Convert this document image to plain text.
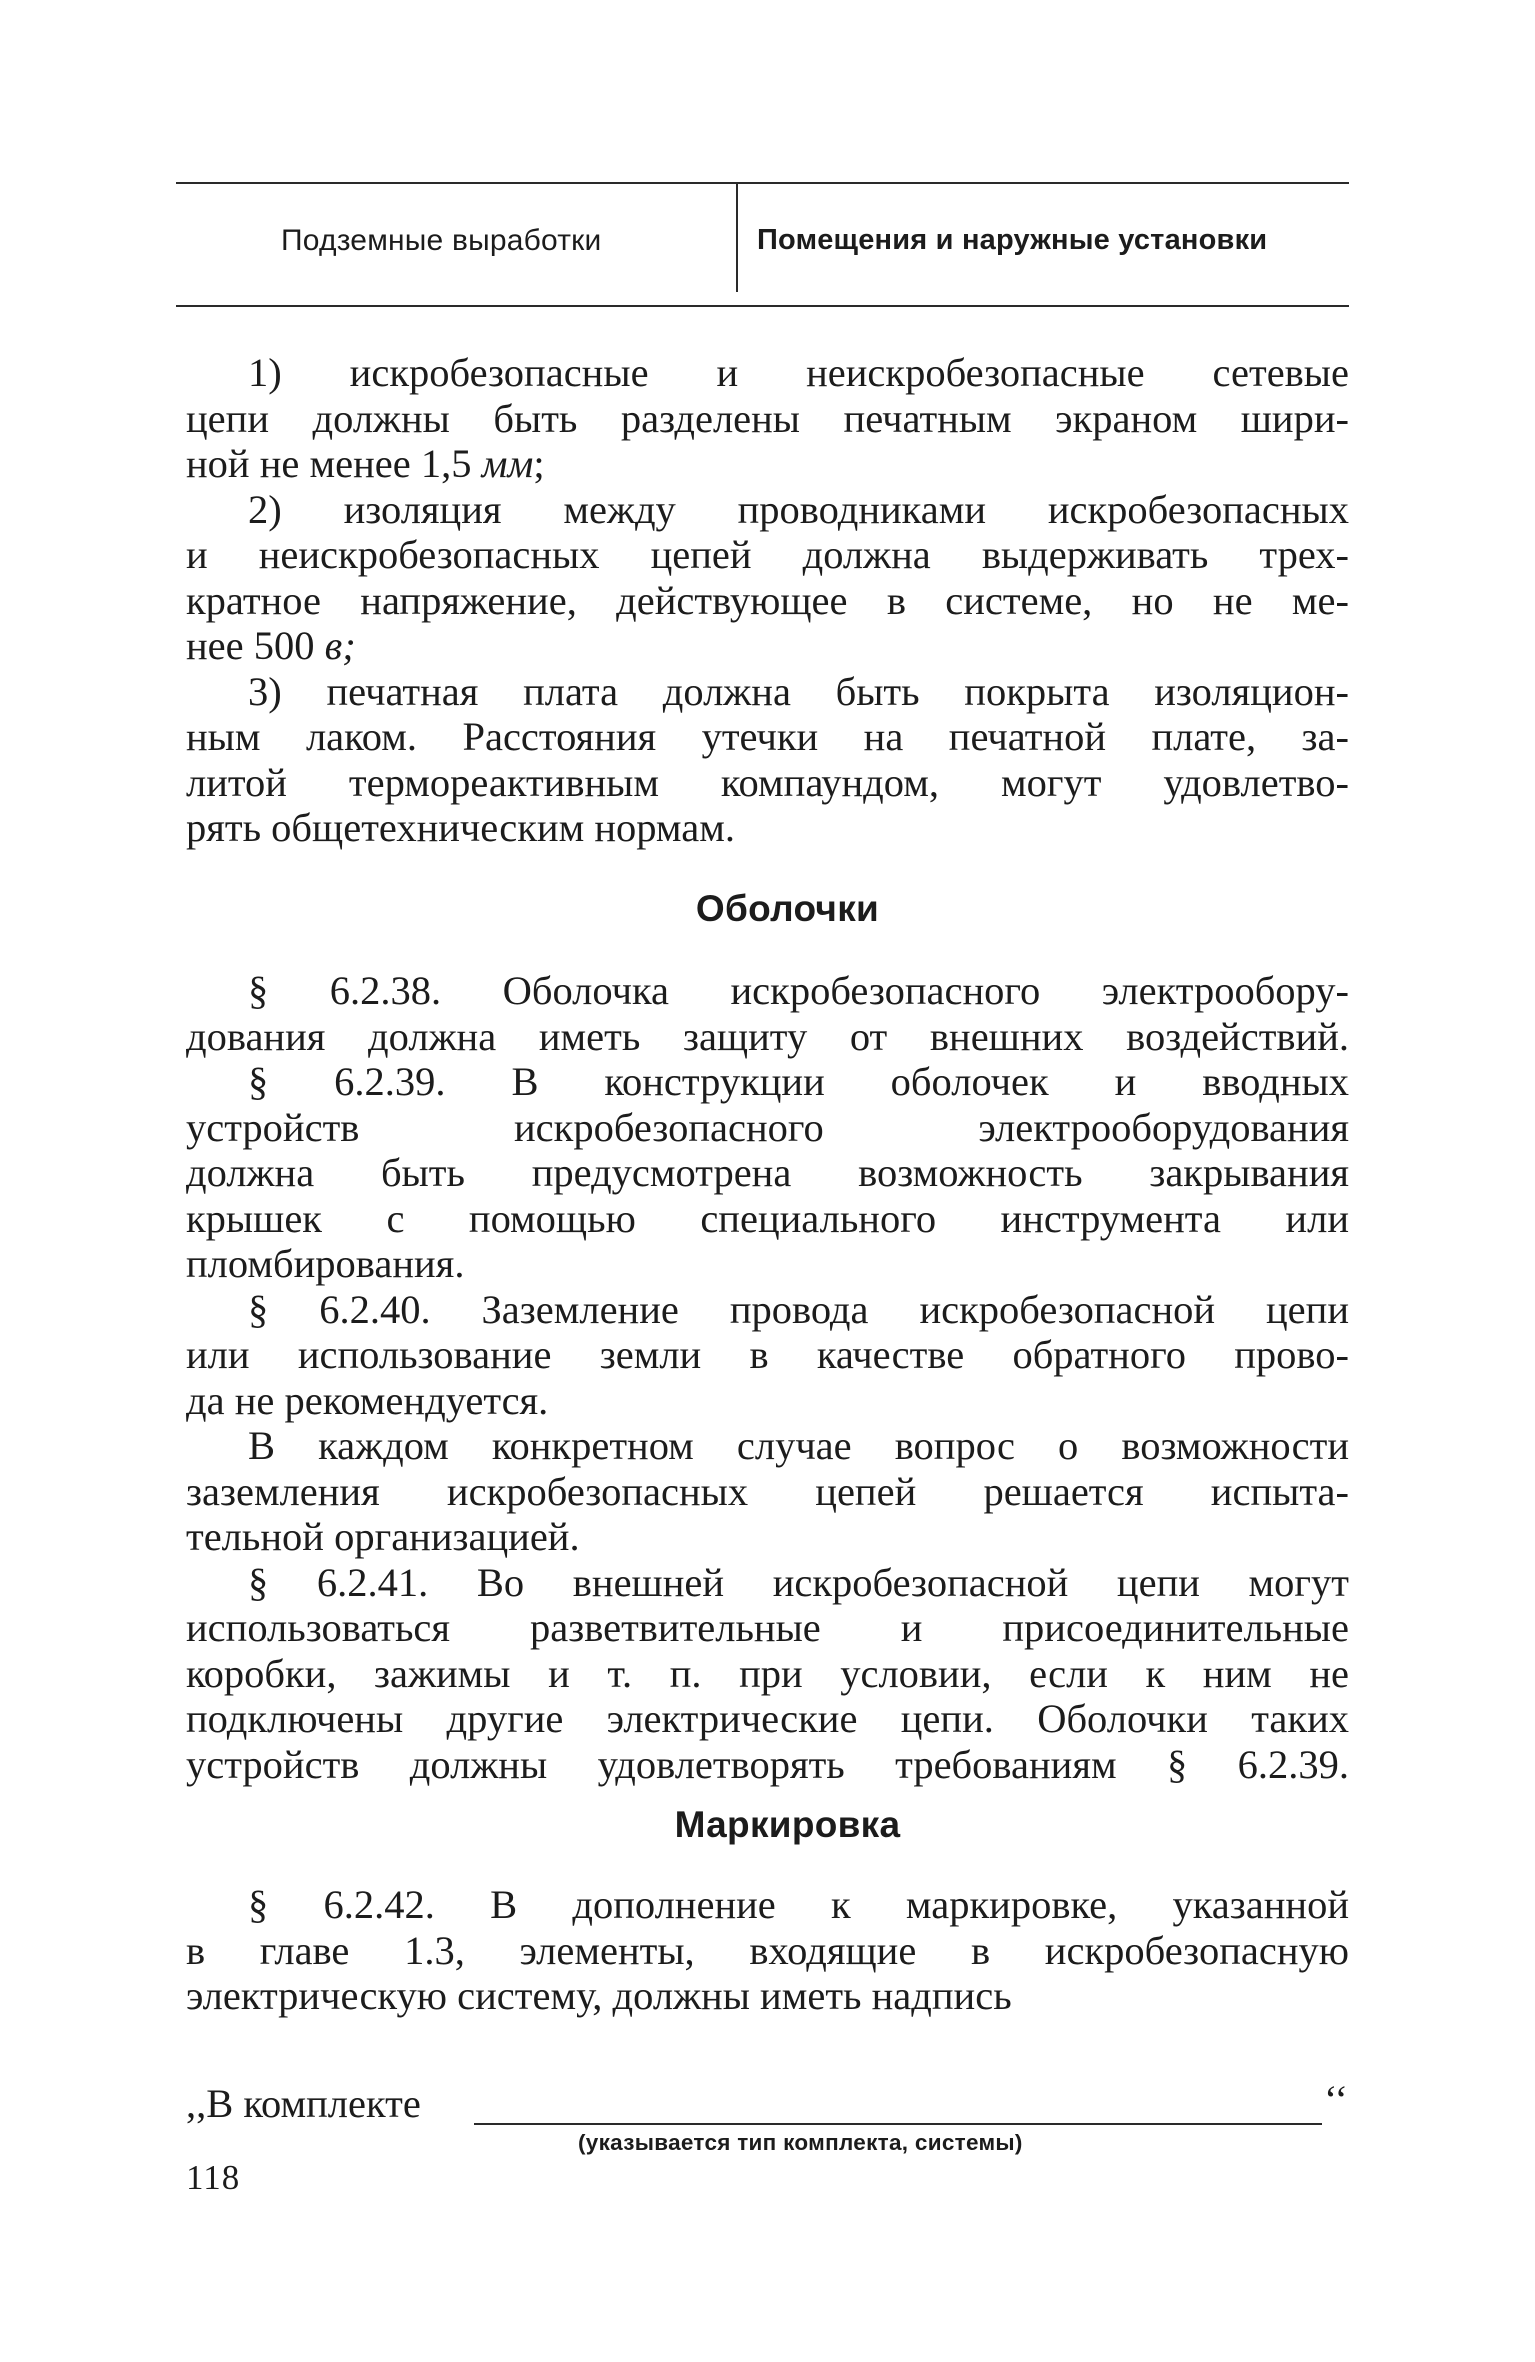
Подземные выработки	Помещения и наружные установки
1) искробезопасные и неискробезопасные сетевые
цепи должны быть разделены печатным экраном шири-
ной не менее 1,5 мм;
2) изоляция между проводниками искробезопасных
и неискробезопасных цепей должна выдерживать трех-
кратное напряжение, действующее в системе, но не ме-
нее 500 в;
3) печатная плата должна быть покрыта изоляцион-
ным лаком. Расстояния утечки на печатной плате, за-
литой термореактивным компаундом, могут удовлетво-
рять общетехническим нормам.
Оболочки
§ 6.2.38. Оболочка искробезопасного электрообору-
дования должна иметь защиту от внешних воздействий.
§ 6.2.39. В конструкции оболочек и вводных
устройств искробезопасного электрооборудования
должна быть предусмотрена возможность закрывания
крышек с помощью специального инструмента или
пломбирования.
§ 6.2.40. Заземление провода искробезопасной цепи
или использование земли в качестве обратного прово-
да не рекомендуется.
В каждом конкретном случае вопрос о возможности
заземления искробезопасных цепей решается испыта-
тельной организацией.
§ 6.2.41. Во внешней искробезопасной цепи могут
использоваться разветвительные и присоединительные
коробки, зажимы и т. п. при условии, если к ним не
подключены другие электрические цепи. Оболочки таких
устройств должны удовлетворять требованиям § 6.2.39.
Маркировка
§ 6.2.42. В дополнение к маркировке, указанной
в главе 1.3, элементы, входящие в искробезопасную
электрическую систему, должны иметь надпись
,,В комплекте	‘‘
(указывается тип комплекта, системы)
118
